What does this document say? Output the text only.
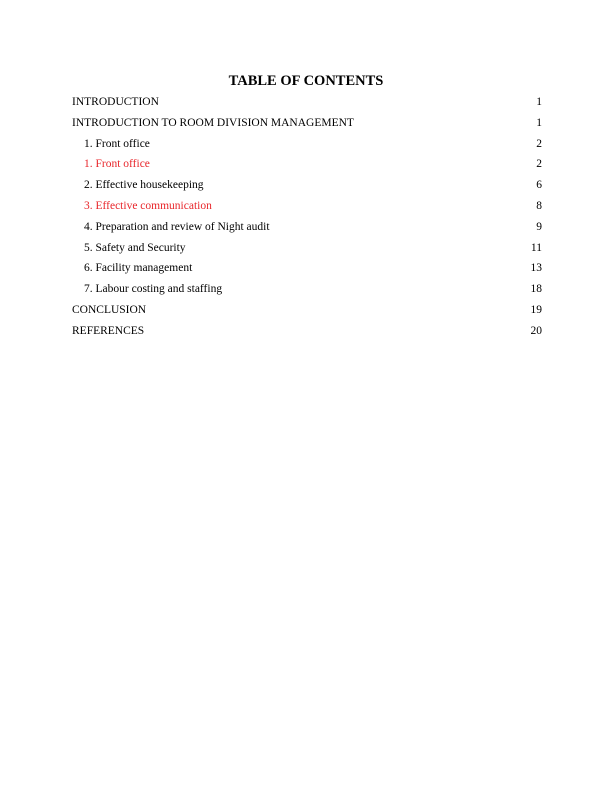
TABLE OF CONTENTS
INTRODUCTION	1
INTRODUCTION TO ROOM DIVISION MANAGEMENT	1
1. Front office	2
1. Front office	2
2. Effective housekeeping	6
3. Effective communication	8
4. Preparation and review of Night audit	9
5. Safety and Security	11
6. Facility management	13
7. Labour costing and staffing	18
CONCLUSION	19
REFERENCES	20
